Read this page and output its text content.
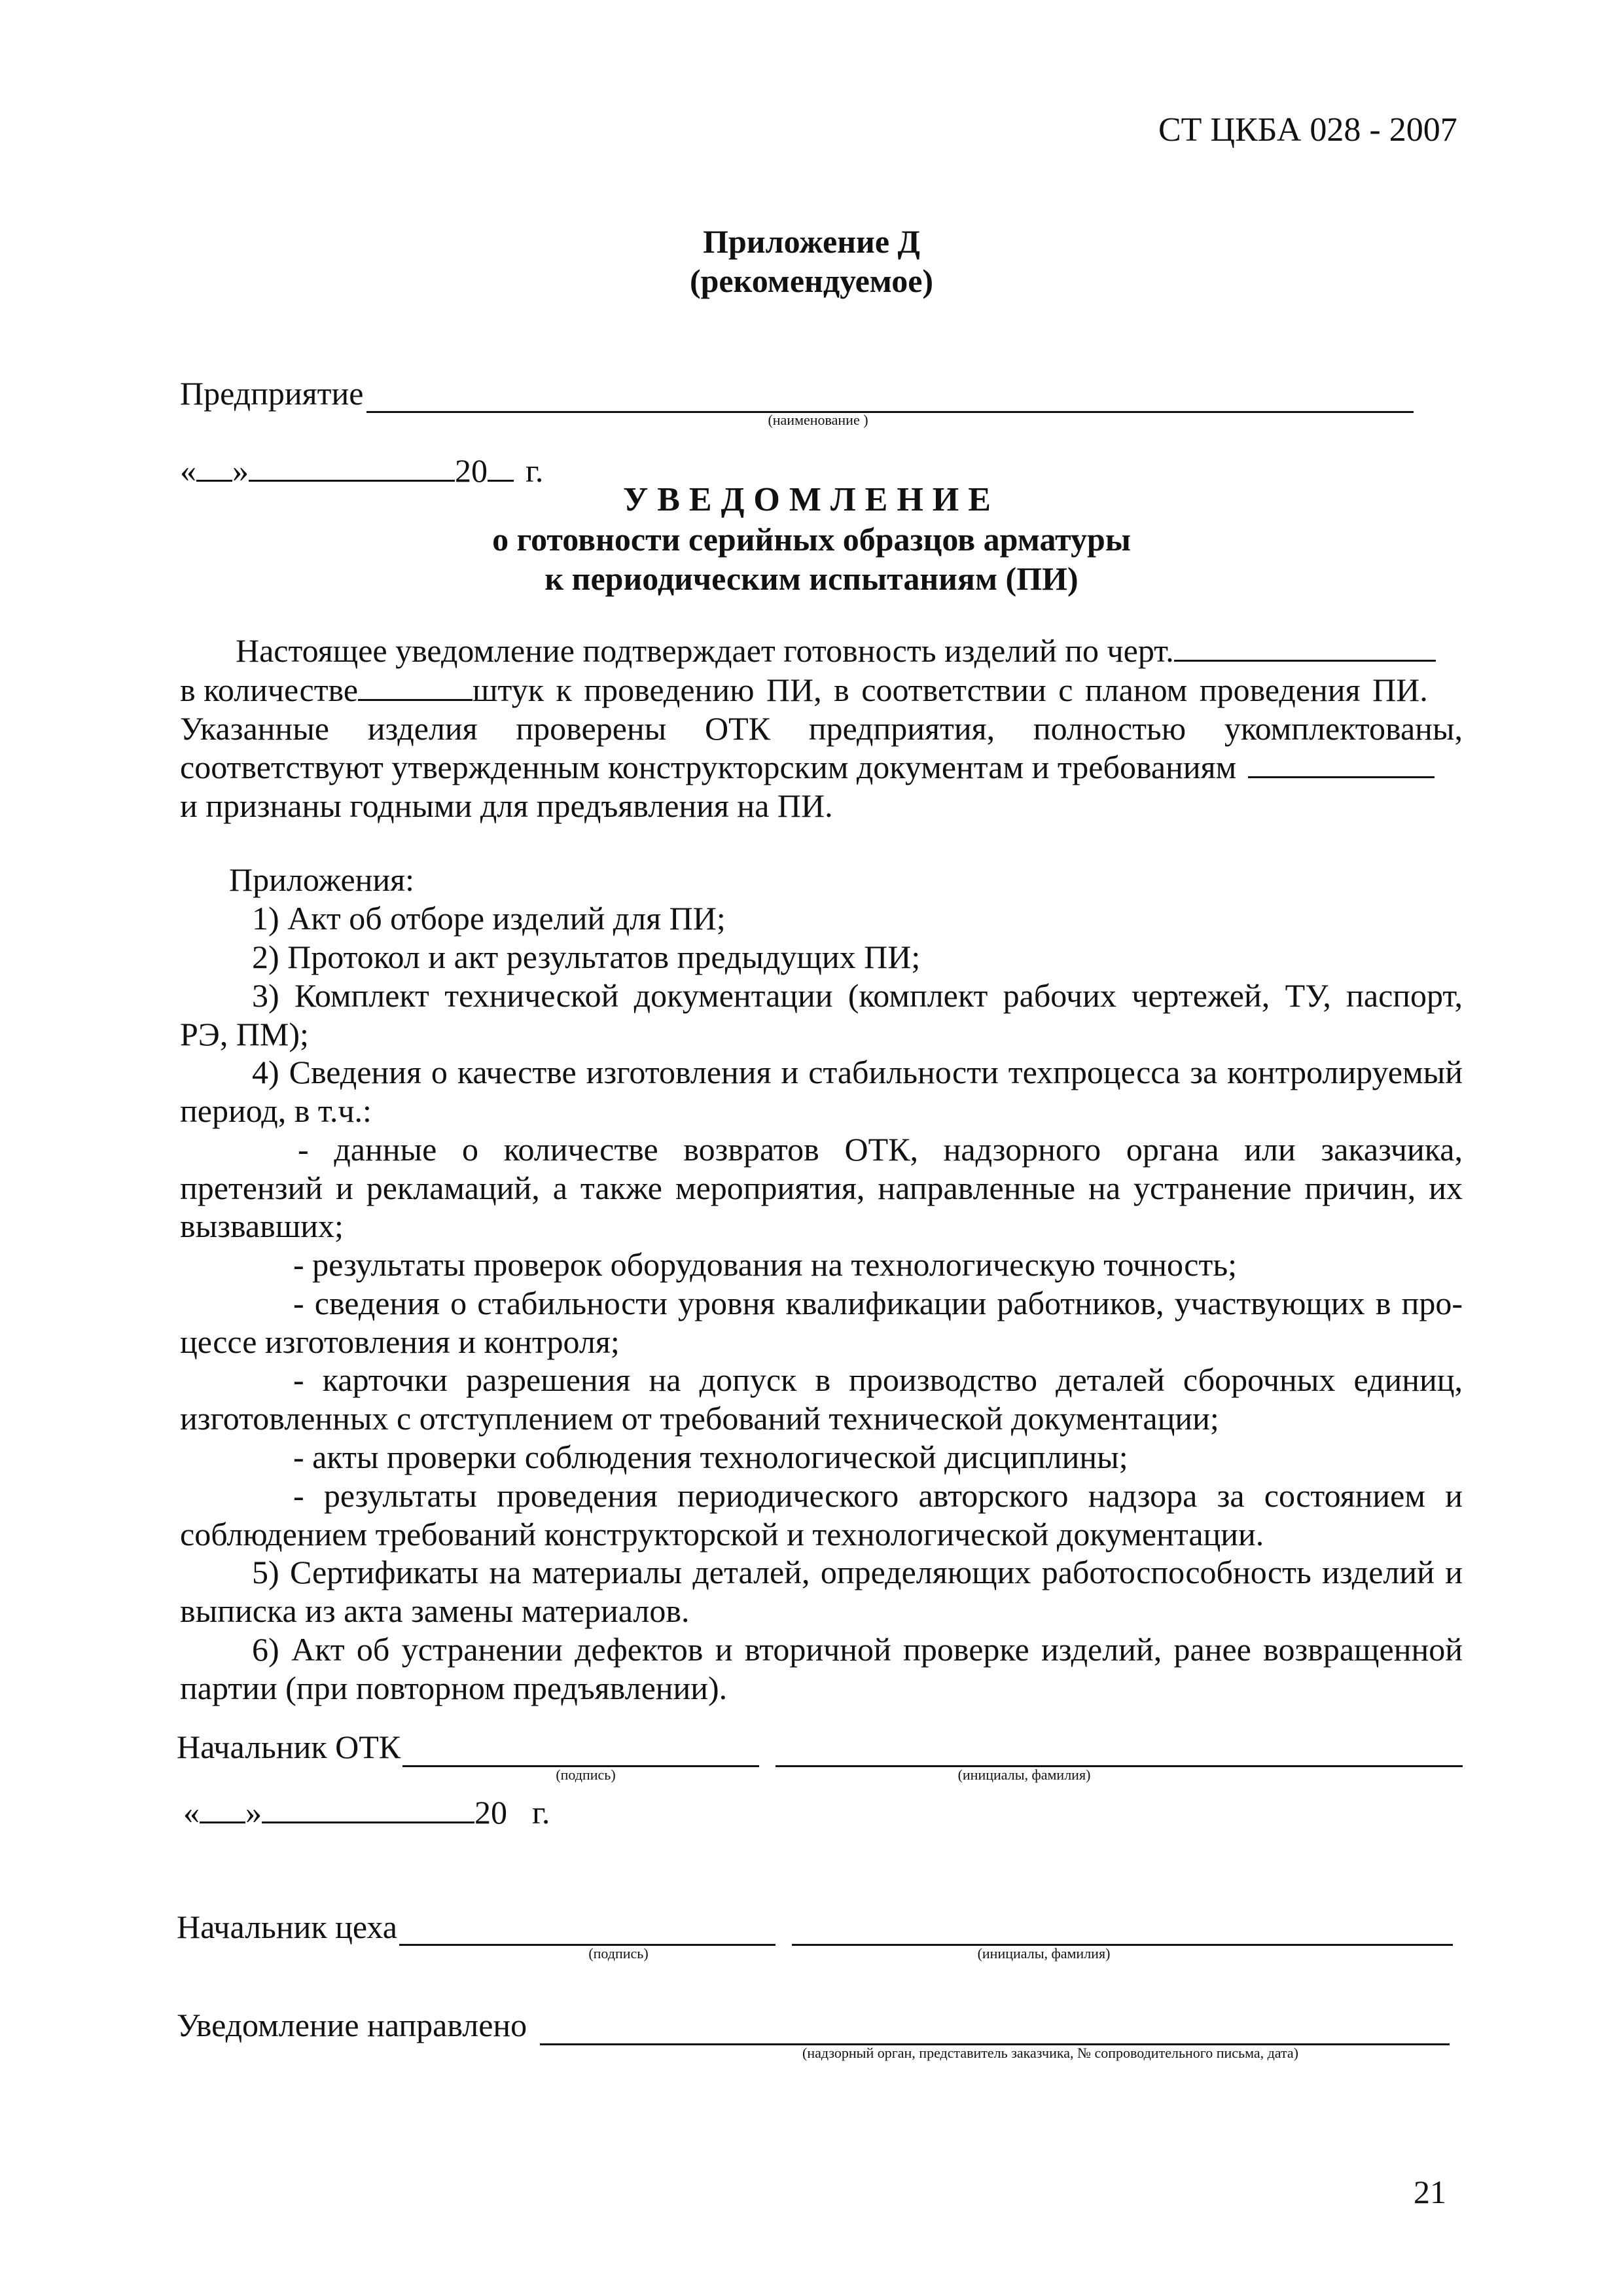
СТ ЦКБА 028 - 2007
Приложение Д
(рекомендуемое)
Предприятие
(наименование )
« »	20 г.
УВЕДОМЛЕНИЕ
о готовности серийных образцов арматуры
к периодическим испытаниям (ПИ)
Настоящее уведомление подтверждает готовность изделий по черт.
в количестве	штук к проведению ПИ, в соответствии с планом проведения ПИ.
Указанные изделия проверены ОТК предприятия, полностью укомплектованы,
соответствуют утвержденным конструкторским документам и требованиям
и признаны годными для предъявления на ПИ.
Приложения:
1) Акт об отборе изделий для ПИ;
2) Протокол и акт результатов предыдущих ПИ;
3) Комплект технической документации (комплект рабочих чертежей, ТУ, паспорт,
РЭ, ПМ);
4) Сведения о качестве изготовления и стабильности техпроцесса за контролируемый
период, в т.ч.:
- данные о количестве возвратов ОТК, надзорного органа или заказчика,
претензий и рекламаций, а также мероприятия, направленные на устранение причин, их
вызвавших;
- результаты проверок оборудования на технологическую точность;
- сведения о стабильности уровня квалификации работников, участвующих в про-
цессе изготовления и контроля;
- карточки разрешения на допуск в производство деталей сборочных единиц,
изготовленных с отступлением от требований технической документации;
- акты проверки соблюдения технологической дисциплины;
- результаты проведения периодического авторского надзора за состоянием и
соблюдением требований конструкторской и технологической документации.
5) Сертификаты на материалы деталей, определяющих работоспособность изделий и
выписка из акта замены материалов.
6) Акт об устранении дефектов и вторичной проверке изделий, ранее возвращенной
партии (при повторном предъявлении).
Начальник ОТК
(подпись)	(инициалы, фамилия)
« »	20 г.
Начальник цеха
(подпись)	(инициалы, фамилия)
Уведомление направлено
(надзорный орган, представитель заказчика, № сопроводительного письма, дата)
21
